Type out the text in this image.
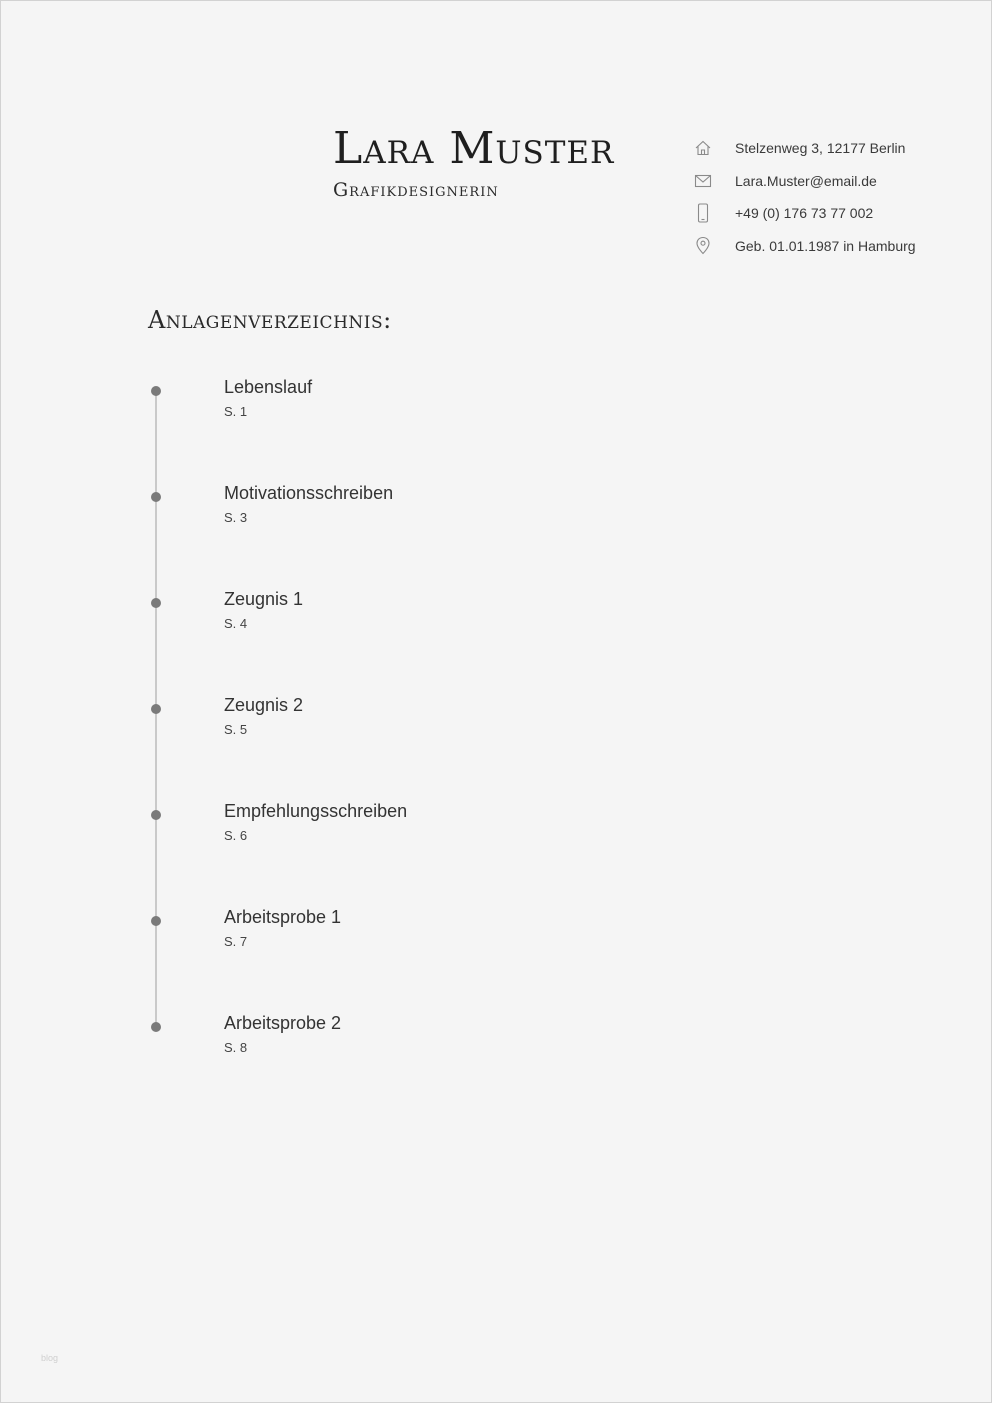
Lara Muster
Grafikdesignerin
Stelzenweg 3, 12177 Berlin
Lara.Muster@email.de
+49 (0) 176 73 77 002
Geb. 01.01.1987 in Hamburg
Anlagenverzeichnis:
Lebenslauf
S. 1
Motivationsschreiben
S. 3
Zeugnis 1
S. 4
Zeugnis 2
S. 5
Empfehlungsschreiben
S. 6
Arbeitsprobe 1
S. 7
Arbeitsprobe 2
S. 8
blog
